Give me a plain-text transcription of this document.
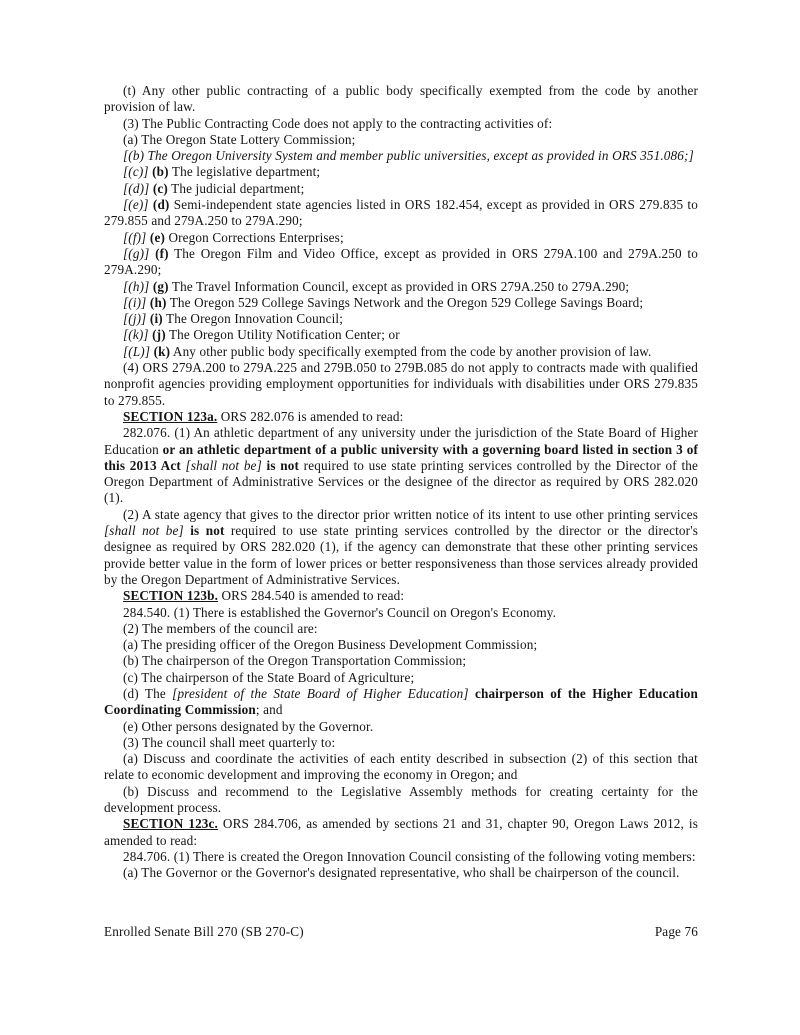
(t) Any other public contracting of a public body specifically exempted from the code by another provision of law.

(3) The Public Contracting Code does not apply to the contracting activities of:

(a) The Oregon State Lottery Commission;

[(b) The Oregon University System and member public universities, except as provided in ORS 351.086;]

[(c)] (b) The legislative department;

[(d)] (c) The judicial department;

[(e)] (d) Semi-independent state agencies listed in ORS 182.454, except as provided in ORS 279.835 to 279.855 and 279A.250 to 279A.290;

[(f)] (e) Oregon Corrections Enterprises;

[(g)] (f) The Oregon Film and Video Office, except as provided in ORS 279A.100 and 279A.250 to 279A.290;

[(h)] (g) The Travel Information Council, except as provided in ORS 279A.250 to 279A.290;

[(i)] (h) The Oregon 529 College Savings Network and the Oregon 529 College Savings Board;

[(j)] (i) The Oregon Innovation Council;

[(k)] (j) The Oregon Utility Notification Center; or

[(L)] (k) Any other public body specifically exempted from the code by another provision of law.

(4) ORS 279A.200 to 279A.225 and 279B.050 to 279B.085 do not apply to contracts made with qualified nonprofit agencies providing employment opportunities for individuals with disabilities under ORS 279.835 to 279.855.

SECTION 123a. ORS 282.076 is amended to read:

282.076. (1) An athletic department of any university under the jurisdiction of the State Board of Higher Education or an athletic department of a public university with a governing board listed in section 3 of this 2013 Act [shall not be] is not required to use state printing services controlled by the Director of the Oregon Department of Administrative Services or the designee of the director as required by ORS 282.020 (1).

(2) A state agency that gives to the director prior written notice of its intent to use other printing services [shall not be] is not required to use state printing services controlled by the director or the director's designee as required by ORS 282.020 (1), if the agency can demonstrate that these other printing services provide better value in the form of lower prices or better responsiveness than those services already provided by the Oregon Department of Administrative Services.

SECTION 123b. ORS 284.540 is amended to read:

284.540. (1) There is established the Governor's Council on Oregon's Economy.

(2) The members of the council are:

(a) The presiding officer of the Oregon Business Development Commission;

(b) The chairperson of the Oregon Transportation Commission;

(c) The chairperson of the State Board of Agriculture;

(d) The [president of the State Board of Higher Education] chairperson of the Higher Education Coordinating Commission; and

(e) Other persons designated by the Governor.

(3) The council shall meet quarterly to:

(a) Discuss and coordinate the activities of each entity described in subsection (2) of this section that relate to economic development and improving the economy in Oregon; and

(b) Discuss and recommend to the Legislative Assembly methods for creating certainty for the development process.

SECTION 123c. ORS 284.706, as amended by sections 21 and 31, chapter 90, Oregon Laws 2012, is amended to read:

284.706. (1) There is created the Oregon Innovation Council consisting of the following voting members:

(a) The Governor or the Governor's designated representative, who shall be chairperson of the council.

Enrolled Senate Bill 270 (SB 270-C)	Page 76
